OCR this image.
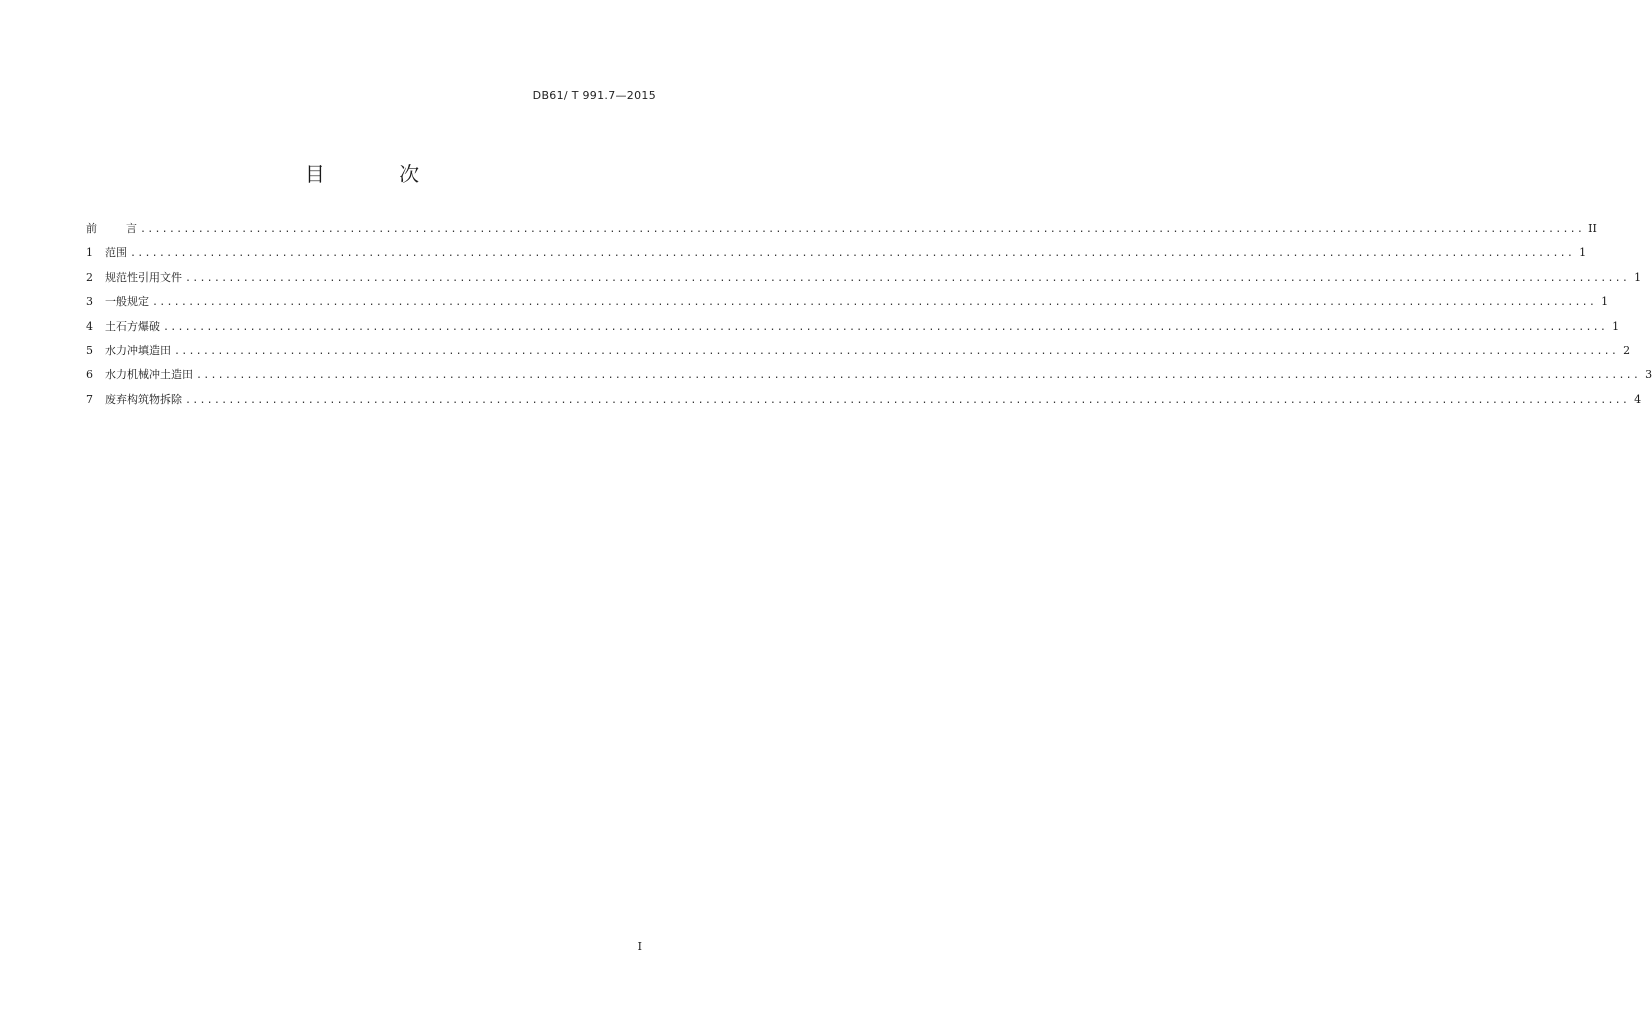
DB61/ T 991.7—2015
目 次
前	言 ........................................................................................................................................................................................................ II
1	范围 ........................................................................................................................................................................................................ 1
2	规范性引用文件 ........................................................................................................................................................................................................ 1
3	一般规定 ........................................................................................................................................................................................................ 1
4	土石方爆破 ........................................................................................................................................................................................................ 1
5	水力冲填造田 ........................................................................................................................................................................................................ 2
6	水力机械冲土造田 ........................................................................................................................................................................................................ 3
7	废弃构筑物拆除 ........................................................................................................................................................................................................ 4
I
